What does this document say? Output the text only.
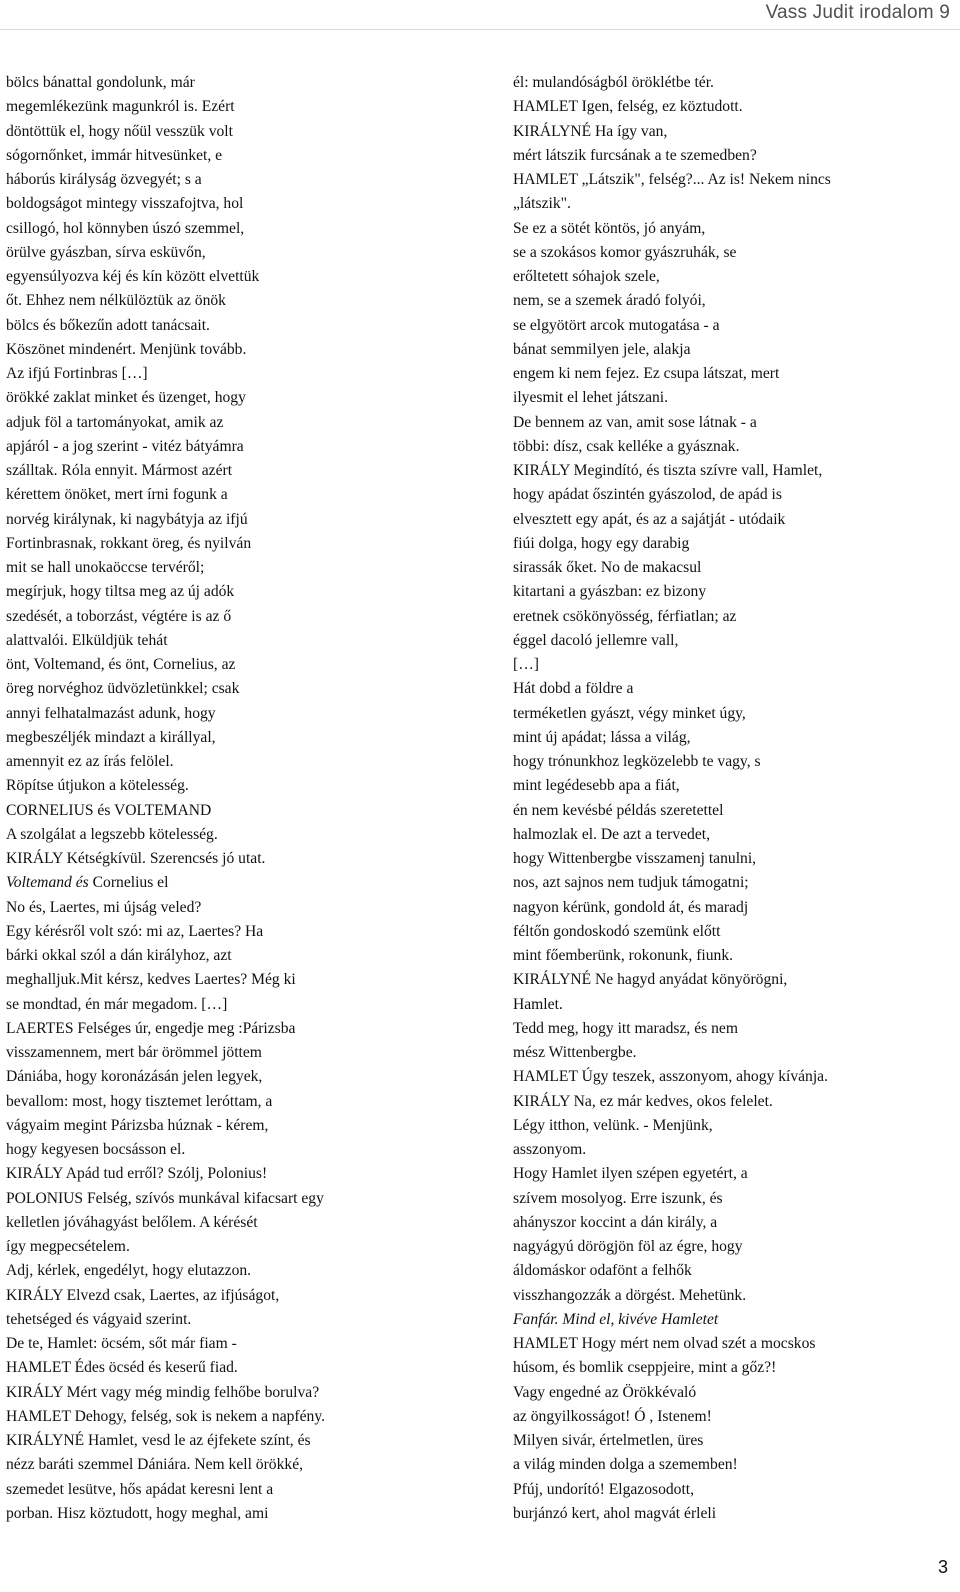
Vass Judit irodalom 9
bölcs bánattal gondolunk, már
megemlékezünk magunkról is. Ezért
döntöttük el, hogy nőül vesszük volt
sógornőnket, immár hitvesünket, e
háborús királyság özvegyét; s a
boldogságot mintegy visszafojtva, hol
csillogó, hol könnyben úszó szemmel,
örülve gyászban, sírva esküvőn,
egyensúlyozva kéj és kín között elvettük
őt. Ehhez nem nélkülöztük az önök
bölcs és bőkezűn adott tanácsait.
Köszönet mindenért. Menjünk tovább.
Az ifjú Fortinbras […]
örökké zaklat minket és üzenget, hogy
adjuk föl a tartományokat, amik az
apjáról - a jog szerint - vitéz bátyámra
szálltak. Róla ennyit. Mármost azért
kérettem önöket, mert írni fogunk a
norvég királynak, ki nagybátyja az ifjú
Fortinbrasnak, rokkant öreg, és nyilván
mit se hall unokaöccse tervéről;
megírjuk, hogy tiltsa meg az új adók
szedését, a toborzást, végtére is az ő
alattvalói. Elküldjük tehát
önt, Voltemand, és önt, Cornelius, az
öreg norvéghoz üdvözletünkkel; csak
annyi felhatalmazást adunk, hogy
megbeszéljék mindazt a királlyal,
amennyit ez az írás felölel.
Röpítse útjukon a kötelesség.
CORNELIUS és VOLTEMAND
A szolgálat a legszebb kötelesség.
KIRÁLY Kétségkívül. Szerencsés jó utat.
Voltemand és Cornelius el
No és, Laertes, mi újság veled?
Egy kérésről volt szó: mi az, Laertes? Ha
bárki okkal szól a dán királyhoz, azt
meghalljuk.Mit kérsz, kedves Laertes? Még ki
se mondtad, én már megadom. […]
LAERTES Felséges úr, engedje meg :Párizsba
visszamennem, mert bár örömmel jöttem
Dániába, hogy koronázásán jelen legyek,
bevallom: most, hogy tisztemet leróttam, a
vágyaim megint Párizsba húznak - kérem,
hogy kegyesen bocsásson el.
KIRÁLY Apád tud erről? Szólj, Polonius!
POLONIUS Felség, szívós munkával kifacsart egy
kelletlen jóváhagyást belőlem. A kérését
így megpecsételem.
Adj, kérlek, engedélyt, hogy elutazzon.
KIRÁLY Elvezd csak, Laertes, az ifjúságot,
tehetséged és vágyaid szerint.
De te, Hamlet: öcsém, sőt már fiam -
HAMLET Édes öcséd és keserű fiad.
KIRÁLY Mért vagy még mindig felhőbe borulva?
HAMLET Dehogy, felség, sok is nekem a napfény.
KIRÁLYNÉ Hamlet, vesd le az éjfekete színt, és
nézz baráti szemmel Dániára. Nem kell örökké,
szemedet lesütve, hős apádat keresni lent a
porban. Hisz köztudott, hogy meghal, ami
él: mulandóságból öröklétbe tér.
HAMLET Igen, felség, ez köztudott.
KIRÁLYNÉ Ha így van,
mért látszik furcsának a te szemedben?
HAMLET „Látszik", felség?... Az is! Nekem nincs
„látszik".
Se ez a sötét köntös, jó anyám,
se a szokásos komor gyászruhák, se
erőltetett sóhajok szele,
nem, se a szemek áradó folyói,
se elgyötört arcok mutogatása - a
bánat semmilyen jele, alakja
engem ki nem fejez. Ez csupa látszat, mert
ilyesmit el lehet játszani.
De bennem az van, amit sose látnak - a
többi: dísz, csak kelléke a gyásznak.
KIRÁLY Megindító, és tiszta szívre vall, Hamlet,
hogy apádat őszintén gyászolod, de apád is
elvesztett egy apát, és az a sajátját - utódaik
fiúi dolga, hogy egy darabig
sirassák őket. No de makacsul
kitartani a gyászban: ez bizony
eretnek csökönyösség, férfiatlan; az
éggel dacoló jellemre vall,
[…]
Hát dobd a földre a
terméketlen gyászt, végy minket úgy,
mint új apádat; lássa a világ,
hogy trónunkhoz legközelebb te vagy, s
mint legédesebb apa a fiát,
én nem kevésbé példás szeretettel
halmozlak el. De azt a tervedet,
hogy Wittenbergbe visszamenj tanulni,
nos, azt sajnos nem tudjuk támogatni;
nagyon kérünk, gondold át, és maradj
féltőn gondoskodó szemünk előtt
mint főemberünk, rokonunk, fiunk.
KIRÁLYNÉ Ne hagyd anyádat könyörögni,
Hamlet.
Tedd meg, hogy itt maradsz, és nem
mész Wittenbergbe.
HAMLET Úgy teszek, asszonyom, ahogy kívánja.
KIRÁLY Na, ez már kedves, okos felelet.
Légy itthon, velünk. - Menjünk,
asszonyom.
Hogy Hamlet ilyen szépen egyetért, a
szívem mosolyog. Erre iszunk, és
ahányszor koccint a dán király, a
nagyágyú dörögjön föl az égre, hogy
áldomáskor odafönt a felhők
visszhangozzák a dörgést. Mehetünk.
Fanfár. Mind el, kivéve Hamletet
HAMLET Hogy mért nem olvad szét a mocskos
húsom, és bomlik cseppjeire, mint a gőz?!
Vagy engedné az Örökkévaló
az öngyilkosságot! Ó , Istenem!
Milyen sivár, értelmetlen, üres
a világ minden dolga a szememben!
Pfúj, undorító! Elgazosodott,
burjánzó kert, ahol magvát érleli
3
